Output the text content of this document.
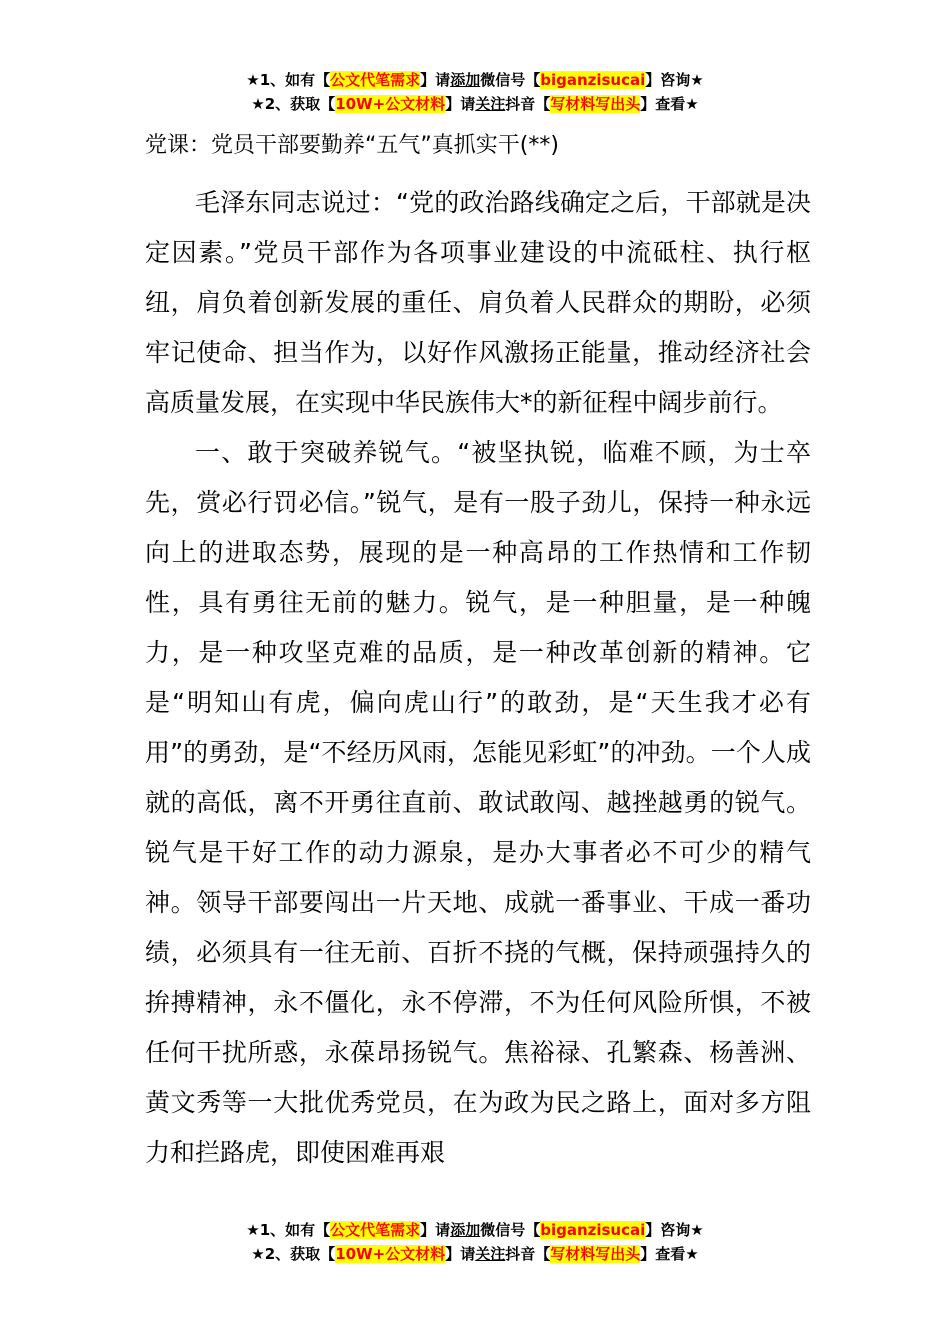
★1、如有【公文代笔需求】请添加微信号【biganzisucai】咨询★
★2、获取【10W+公文材料】请关注抖音【写材料写出头】查看★
党课：党员干部要勤养“五气”真抓实干(**)

毛泽东同志说过：“党的政治路线确定之后，干部就是决定因素。”党员干部作为各项事业建设的中流砥柱、执行枢纽，肩负着创新发展的重任、肩负着人民群众的期盼，必须牢记使命、担当作为，以好作风激扬正能量，推动经济社会高质量发展，在实现中华民族伟大*的新征程中阔步前行。

一、敢于突破养锐气。“被坚执锐，临难不顾，为士卒先，赏必行罚必信。”锐气，是有一股子劲儿，保持一种永远向上的进取态势，展现的是一种高昂的工作热情和工作韧性，具有勇往无前的魅力。锐气，是一种胆量，是一种魄力，是一种攻坚克难的品质，是一种改革创新的精神。它是“明知山有虎，偏向虎山行”的敢劲，是“天生我才必有用”的勇劲，是“不经历风雨，怎能见彩虹”的冲劲。一个人成就的高低，离不开勇往直前、敢试敢闯、越挫越勇的锐气。锐气是干好工作的动力源泉，是办大事者必不可少的精气神。领导干部要闯出一片天地、成就一番事业、干成一番功绩，必须具有一往无前、百折不挠的气概，保持顽强持久的拚搏精神，永不僵化，永不停滞，不为任何风险所惧，不被任何干扰所惑，永葆昂扬锐气。焦裕禄、孔繁森、杨善洲、黄文秀等一大批优秀党员，在为政为民之路上，面对多方阻力和拦路虎，即使困难再艰

★1、如有【公文代笔需求】请添加微信号【biganzisucai】咨询★
★2、获取【10W+公文材料】请关注抖音【写材料写出头】查看★
